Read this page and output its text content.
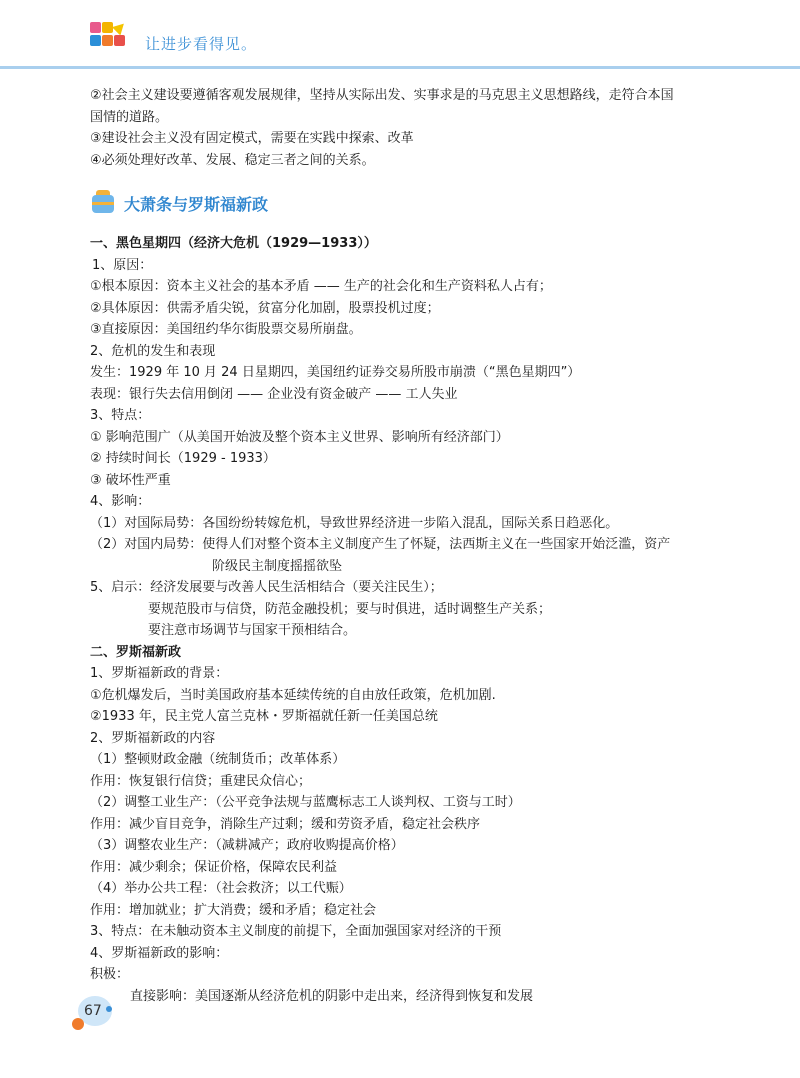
让进步看得见。
②社会主义建设要遵循客观发展规律，坚持从实际出发、实事求是的马克思主义思想路线，走符合本国
国情的道路。
③建设社会主义没有固定模式，需要在实践中探索、改革
④必须处理好改革、发展、稳定三者之间的关系。
大萧条与罗斯福新政
一、黑色星期四（经济大危机（1929—1933））
1、原因：
①根本原因：资本主义社会的基本矛盾 —— 生产的社会化和生产资料私人占有；
②具体原因：供需矛盾尖锐，贫富分化加剧，股票投机过度；
③直接原因：美国纽约华尔街股票交易所崩盘。
2、危机的发生和表现
发生：1929 年 10 月 24 日星期四，美国纽约证券交易所股市崩溃（“黑色星期四”）
表现：银行失去信用倒闭 —— 企业没有资金破产 —— 工人失业
3、特点：
① 影响范围广（从美国开始波及整个资本主义世界、影响所有经济部门）
② 持续时间长（1929 - 1933）
③ 破坏性严重
4、影响：
（1）对国际局势：各国纷纷转嫁危机，导致世界经济进一步陷入混乱，国际关系日趋恶化。
（2）对国内局势：使得人们对整个资本主义制度产生了怀疑，法西斯主义在一些国家开始泛滥，资产
阶级民主制度摇摇欲坠
5、启示：经济发展要与改善人民生活相结合（要关注民生）；
要规范股市与信贷，防范金融投机；要与时俱进，适时调整生产关系；
要注意市场调节与国家干预相结合。
二、罗斯福新政
1、罗斯福新政的背景：
①危机爆发后，当时美国政府基本延续传统的自由放任政策，危机加剧.
②1933 年，民主党人富兰克林・罗斯福就任新一任美国总统
2、罗斯福新政的内容
（1）整顿财政金融（统制货币；改革体系）
作用：恢复银行信贷；重建民众信心；
（2）调整工业生产：（公平竞争法规与蓝鹰标志工人谈判权、工资与工时）
作用：减少盲目竞争，消除生产过剩；缓和劳资矛盾，稳定社会秩序
（3）调整农业生产：（减耕减产；政府收购提高价格）
作用：减少剩余；保证价格，保障农民利益
（4）举办公共工程：（社会救济；以工代赈）
作用：增加就业；扩大消费；缓和矛盾；稳定社会
3、特点：在未触动资本主义制度的前提下，全面加强国家对经济的干预
4、罗斯福新政的影响：
积极：
直接影响：美国逐渐从经济危机的阴影中走出来，经济得到恢复和发展
67
